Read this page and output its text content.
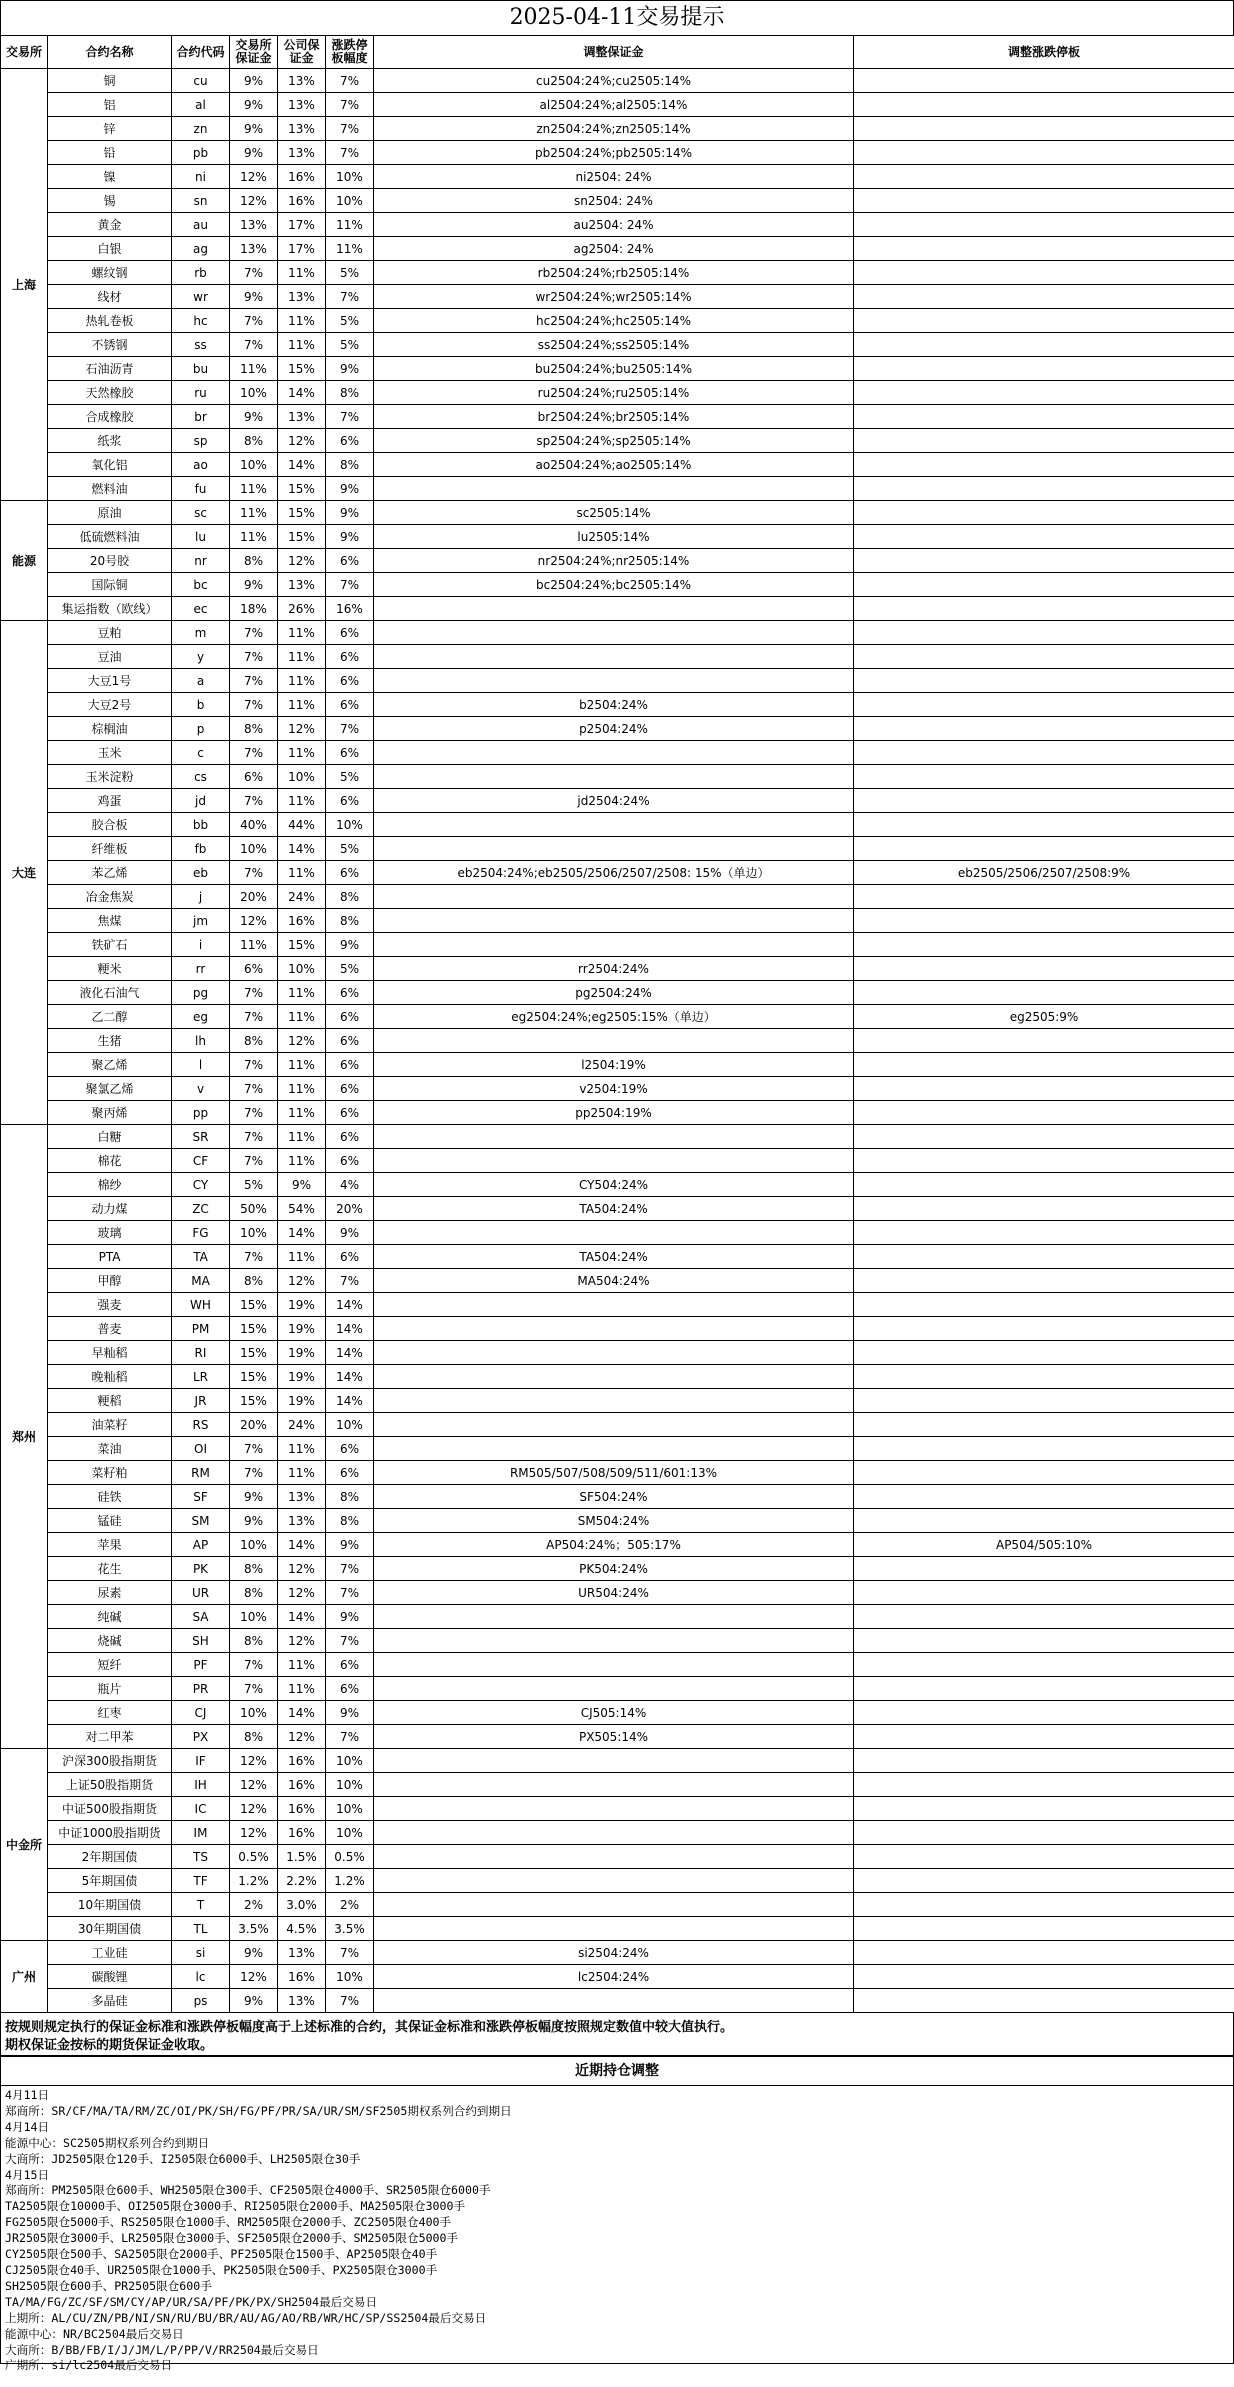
2025-04-11交易提示
交易所	合约名称	合约代码	交易所保证金	公司保证金	涨跌停板幅度	调整保证金	调整涨跌停板
上海	铜	cu	9%	13%	7%	cu2504:24%;cu2505:14%	
	铝	al	9%	13%	7%	al2504:24%;al2505:14%	
	锌	zn	9%	13%	7%	zn2504:24%;zn2505:14%	
	铅	pb	9%	13%	7%	pb2504:24%;pb2505:14%	
	镍	ni	12%	16%	10%	ni2504: 24%	
	锡	sn	12%	16%	10%	sn2504: 24%	
	黄金	au	13%	17%	11%	au2504: 24%	
	白银	ag	13%	17%	11%	ag2504: 24%	
	螺纹钢	rb	7%	11%	5%	rb2504:24%;rb2505:14%	
	线材	wr	9%	13%	7%	wr2504:24%;wr2505:14%	
	热轧卷板	hc	7%	11%	5%	hc2504:24%;hc2505:14%	
	不锈钢	ss	7%	11%	5%	ss2504:24%;ss2505:14%	
	石油沥青	bu	11%	15%	9%	bu2504:24%;bu2505:14%	
	天然橡胶	ru	10%	14%	8%	ru2504:24%;ru2505:14%	
	合成橡胶	br	9%	13%	7%	br2504:24%;br2505:14%	
	纸浆	sp	8%	12%	6%	sp2504:24%;sp2505:14%	
	氧化铝	ao	10%	14%	8%	ao2504:24%;ao2505:14%	
	燃料油	fu	11%	15%	9%		
能源	原油	sc	11%	15%	9%	sc2505:14%	
	低硫燃料油	lu	11%	15%	9%	lu2505:14%	
	20号胶	nr	8%	12%	6%	nr2504:24%;nr2505:14%	
	国际铜	bc	9%	13%	7%	bc2504:24%;bc2505:14%	
	集运指数（欧线）	ec	18%	26%	16%		
大连	豆粕	m	7%	11%	6%		
	豆油	y	7%	11%	6%		
	大豆1号	a	7%	11%	6%		
	大豆2号	b	7%	11%	6%	b2504:24%	
	棕榈油	p	8%	12%	7%	p2504:24%	
	玉米	c	7%	11%	6%		
	玉米淀粉	cs	6%	10%	5%		
	鸡蛋	jd	7%	11%	6%	jd2504:24%	
	胶合板	bb	40%	44%	10%		
	纤维板	fb	10%	14%	5%		
	苯乙烯	eb	7%	11%	6%	eb2504:24%;eb2505/2506/2507/2508: 15%（单边）	eb2505/2506/2507/2508:9%
	冶金焦炭	j	20%	24%	8%		
	焦煤	jm	12%	16%	8%		
	铁矿石	i	11%	15%	9%		
	粳米	rr	6%	10%	5%	rr2504:24%	
	液化石油气	pg	7%	11%	6%	pg2504:24%	
	乙二醇	eg	7%	11%	6%	eg2504:24%;eg2505:15%（单边）	eg2505:9%
	生猪	lh	8%	12%	6%		
	聚乙烯	l	7%	11%	6%	l2504:19%	
	聚氯乙烯	v	7%	11%	6%	v2504:19%	
	聚丙烯	pp	7%	11%	6%	pp2504:19%	
郑州	白糖	SR	7%	11%	6%		
	棉花	CF	7%	11%	6%		
	棉纱	CY	5%	9%	4%	CY504:24%	
	动力煤	ZC	50%	54%	20%	TA504:24%	
	玻璃	FG	10%	14%	9%		
	PTA	TA	7%	11%	6%	TA504:24%	
	甲醇	MA	8%	12%	7%	MA504:24%	
	强麦	WH	15%	19%	14%		
	普麦	PM	15%	19%	14%		
	早籼稻	RI	15%	19%	14%		
	晚籼稻	LR	15%	19%	14%		
	粳稻	JR	15%	19%	14%		
	油菜籽	RS	20%	24%	10%		
	菜油	OI	7%	11%	6%		
	菜籽粕	RM	7%	11%	6%	RM505/507/508/509/511/601:13%	
	硅铁	SF	9%	13%	8%	SF504:24%	
	锰硅	SM	9%	13%	8%	SM504:24%	
	苹果	AP	10%	14%	9%	AP504:24%；505:17%	AP504/505:10%
	花生	PK	8%	12%	7%	PK504:24%	
	尿素	UR	8%	12%	7%	UR504:24%	
	纯碱	SA	10%	14%	9%		
	烧碱	SH	8%	12%	7%		
	短纤	PF	7%	11%	6%		
	瓶片	PR	7%	11%	6%		
	红枣	CJ	10%	14%	9%	CJ505:14%	
	对二甲苯	PX	8%	12%	7%	PX505:14%	
中金所	沪深300股指期货	IF	12%	16%	10%		
	上证50股指期货	IH	12%	16%	10%		
	中证500股指期货	IC	12%	16%	10%		
	中证1000股指期货	IM	12%	16%	10%		
	2年期国债	TS	0.5%	1.5%	0.5%		
	5年期国债	TF	1.2%	2.2%	1.2%		
	10年期国债	T	2%	3.0%	2%		
	30年期国债	TL	3.5%	4.5%	3.5%		
广州	工业硅	si	9%	13%	7%	si2504:24%	
	碳酸锂	lc	12%	16%	10%	lc2504:24%	
	多晶硅	ps	9%	13%	7%		
按规则规定执行的保证金标准和涨跌停板幅度高于上述标准的合约，其保证金标准和涨跌停板幅度按照规定数值中较大值执行。
期权保证金按标的期货保证金收取。
近期持仓调整
4月11日
郑商所：SR/CF/MA/TA/RM/ZC/OI/PK/SH/FG/PF/PR/SA/UR/SM/SF2505期权系列合约到期日
4月14日
能源中心：SC2505期权系列合约到期日
大商所：JD2505限仓120手、I2505限仓6000手、LH2505限仓30手
4月15日
郑商所：PM2505限仓600手、WH2505限仓300手、CF2505限仓4000手、SR2505限仓6000手
TA2505限仓10000手、OI2505限仓3000手、RI2505限仓2000手、MA2505限仓3000手
FG2505限仓5000手、RS2505限仓1000手、RM2505限仓2000手、ZC2505限仓400手
JR2505限仓3000手、LR2505限仓3000手、SF2505限仓2000手、SM2505限仓5000手
CY2505限仓500手、SA2505限仓2000手、PF2505限仓1500手、AP2505限仓40手
CJ2505限仓40手、UR2505限仓1000手、PK2505限仓500手、PX2505限仓3000手
SH2505限仓600手、PR2505限仓600手
TA/MA/FG/ZC/SF/SM/CY/AP/UR/SA/PF/PK/PX/SH2504最后交易日
上期所：AL/CU/ZN/PB/NI/SN/RU/BU/BR/AU/AG/AO/RB/WR/HC/SP/SS2504最后交易日
能源中心：NR/BC2504最后交易日
大商所：B/BB/FB/I/J/JM/L/P/PP/V/RR2504最后交易日
广期所：si/lc2504最后交易日
